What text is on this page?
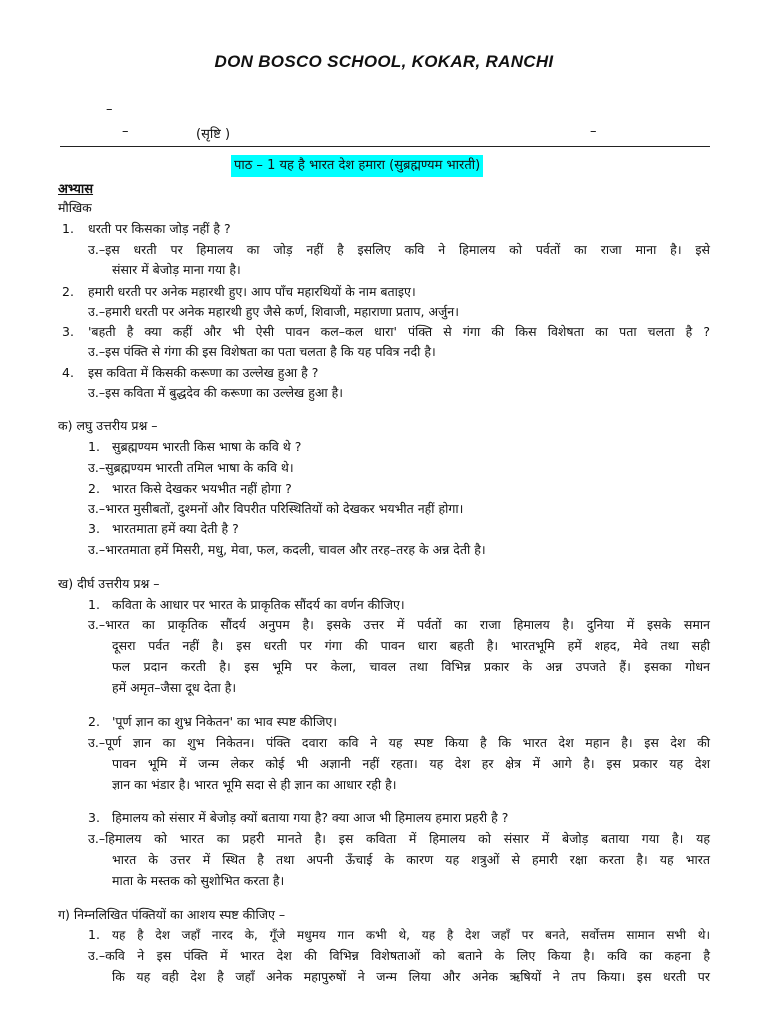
DON BOSCO SCHOOL, KOKAR, RANCHI
–
–	(सृष्टि )	–
पाठ – 1 यह है भारत देश हमारा (सुब्रह्मण्यम भारती)
अभ्यास
मौखिक
1. धरती पर किसका जोड़ नहीं है ?
उ.–इस धरती पर हिमालय का जोड़ नहीं है इसलिए कवि ने हिमालय को पर्वतों का राजा माना है। इसे
संसार में बेजोड़ माना गया है।
2. हमारी धरती पर अनेक महारथी हुए। आप पाँच महारथियों के नाम बताइए।
उ.–हमारी धरती पर अनेक महारथी हुए जैसे कर्ण, शिवाजी, महाराणा प्रताप, अर्जुन।
3. 'बहती है क्या कहीं और भी ऐसी पावन कल–कल धारा' पंक्ति से गंगा की किस विशेषता का पता चलता है ?
उ.–इस पंक्ति से गंगा की इस विशेषता का पता चलता है कि यह पवित्र नदी है।
4. इस कविता में किसकी करूणा का उल्लेख हुआ है ?
उ.–इस कविता में बुद्धदेव की करूणा का उल्लेख हुआ है।
क) लघु उत्तरीय प्रश्न –
1. सुब्रह्मण्यम भारती किस भाषा के कवि थे ?
उ.–सुब्रह्मण्यम भारती तमिल भाषा के कवि थे।
2. भारत किसे देखकर भयभीत नहीं होगा ?
उ.–भारत मुसीबतों, दुश्मनों और विपरीत परिस्थितियों को देखकर भयभीत नहीं होगा।
3. भारतमाता हमें क्या देती है ?
उ.–भारतमाता हमें मिसरी, मधु, मेवा, फल, कदली, चावल और तरह–तरह के अन्न देती है।
ख) दीर्घ उत्तरीय प्रश्न –
1. कविता के आधार पर भारत के प्राकृतिक सौंदर्य का वर्णन कीजिए।
उ.–भारत का प्राकृतिक सौंदर्य अनुपम है। इसके उत्तर में पर्वतों का राजा हिमालय है। दुनिया में इसके समान
दूसरा पर्वत नहीं है। इस धरती पर गंगा की पावन धारा बहती है। भारतभूमि हमें शहद, मेवे तथा सही
फल प्रदान करती है। इस भूमि पर केला, चावल तथा विभिन्न प्रकार के अन्न उपजते हैं। इसका गोधन
हमें अमृत–जैसा दूध देता है।
2. 'पूर्ण ज्ञान का शुभ्र निकेतन' का भाव स्पष्ट कीजिए।
उ.–पूर्ण ज्ञान का शुभ निकेतन। पंक्ति दवारा कवि ने यह स्पष्ट किया है कि भारत देश महान है। इस देश की
पावन भूमि में जन्म लेकर कोई भी अज्ञानी नहीं रहता। यह देश हर क्षेत्र में आगे है। इस प्रकार यह देश
ज्ञान का भंडार है। भारत भूमि सदा से ही ज्ञान का आधार रही है।
3. हिमालय को संसार में बेजोड़ क्यों बताया गया है? क्या आज भी हिमालय हमारा प्रहरी है ?
उ.–हिमालय को भारत का प्रहरी मानते है। इस कविता में हिमालय को संसार में बेजोड़ बताया गया है। यह
भारत के उत्तर में स्थित है तथा अपनी ऊँचाई के कारण यह शत्रुओं से हमारी रक्षा करता है। यह भारत
माता के मस्तक को सुशोभित करता है।
ग) निम्नलिखित पंक्तियों का आशय स्पष्ट कीजिए –
1. यह है देश जहाँ नारद के, गूँजे मधुमय गान कभी थे, यह है देश जहाँ पर बनते, सर्वोत्तम सामान सभी थे।
उ.–कवि ने इस पंक्ति में भारत देश की विभिन्न विशेषताओं को बताने के लिए किया है। कवि का कहना है
कि यह वही देश है जहाँ अनेक महापुरुषों ने जन्म लिया और अनेक ऋषियों ने तप किया। इस धरती पर
